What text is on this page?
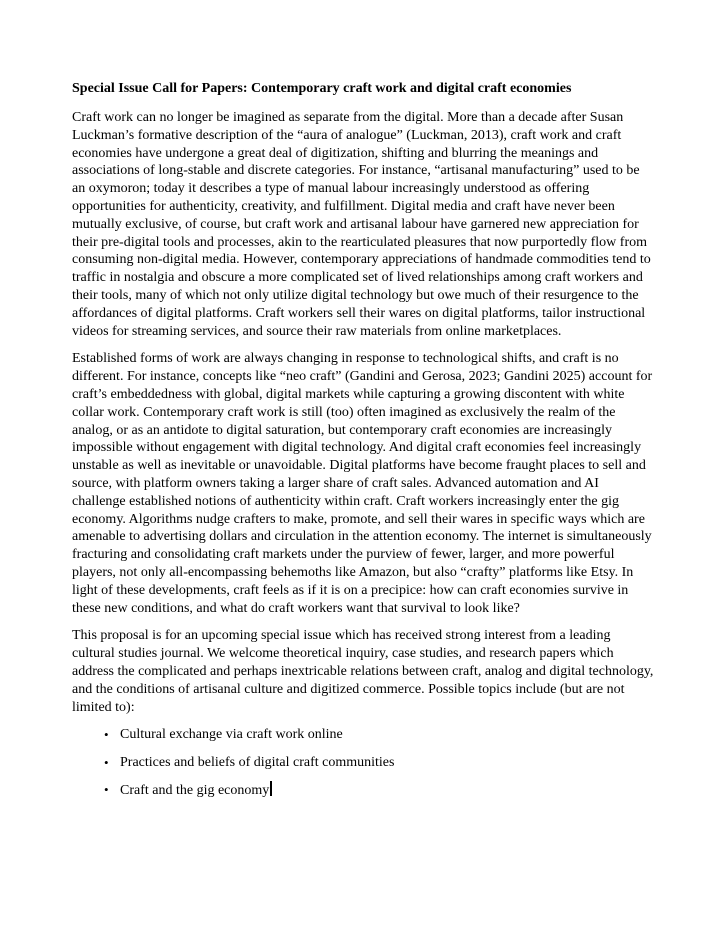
Special Issue Call for Papers: Contemporary craft work and digital craft economies

Craft work can no longer be imagined as separate from the digital. More than a decade after Susan Luckman’s formative description of the “aura of analogue” (Luckman, 2013), craft work and craft economies have undergone a great deal of digitization, shifting and blurring the meanings and associations of long-stable and discrete categories. For instance, “artisanal manufacturing” used to be an oxymoron; today it describes a type of manual labour increasingly understood as offering opportunities for authenticity, creativity, and fulfillment. Digital media and craft have never been mutually exclusive, of course, but craft work and artisanal labour have garnered new appreciation for their pre-digital tools and processes, akin to the rearticulated pleasures that now purportedly flow from consuming non-digital media. However, contemporary appreciations of handmade commodities tend to traffic in nostalgia and obscure a more complicated set of lived relationships among craft workers and their tools, many of which not only utilize digital technology but owe much of their resurgence to the affordances of digital platforms. Craft workers sell their wares on digital platforms, tailor instructional videos for streaming services, and source their raw materials from online marketplaces.

Established forms of work are always changing in response to technological shifts, and craft is no different. For instance, concepts like “neo craft” (Gandini and Gerosa, 2023; Gandini 2025) account for craft’s embeddedness with global, digital markets while capturing a growing discontent with white collar work. Contemporary craft work is still (too) often imagined as exclusively the realm of the analog, or as an antidote to digital saturation, but contemporary craft economies are increasingly impossible without engagement with digital technology. And digital craft economies feel increasingly unstable as well as inevitable or unavoidable. Digital platforms have become fraught places to sell and source, with platform owners taking a larger share of craft sales. Advanced automation and AI challenge established notions of authenticity within craft. Craft workers increasingly enter the gig economy. Algorithms nudge crafters to make, promote, and sell their wares in specific ways which are amenable to advertising dollars and circulation in the attention economy. The internet is simultaneously fracturing and consolidating craft markets under the purview of fewer, larger, and more powerful players, not only all-encompassing behemoths like Amazon, but also “crafty” platforms like Etsy. In light of these developments, craft feels as if it is on a precipice: how can craft economies survive in these new conditions, and what do craft workers want that survival to look like?

This proposal is for an upcoming special issue which has received strong interest from a leading cultural studies journal. We welcome theoretical inquiry, case studies, and research papers which address the complicated and perhaps inextricable relations between craft, analog and digital technology, and the conditions of artisanal culture and digitized commerce. Possible topics include (but are not limited to):

• Cultural exchange via craft work online
• Practices and beliefs of digital craft communities
• Craft and the gig economy
